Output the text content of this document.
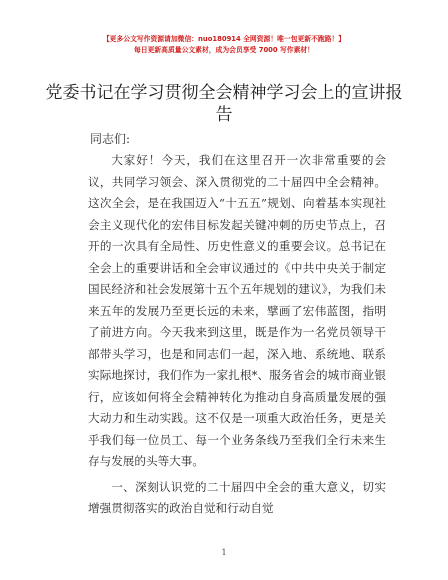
【更多公文写作资源请加微信：nuo180914 全网资源！唯一包更新不跑路！】
每日更新高质量公文素材，成为会员享受 7000 写作素材！
党委书记在学习贯彻全会精神学习会上的宣讲报告
同志们:

大家好！今天，我们在这里召开一次非常重要的会议，共同学习领会、深入贯彻党的二十届四中全会精神。这次全会，是在我国迈入“十五五”规划、向着基本实现社会主义现代化的宏伟目标发起关键冲刺的历史节点上，召开的一次具有全局性、历史性意义的重要会议。总书记在全会上的重要讲话和全会审议通过的《中共中央关于制定国民经济和社会发展第十五个五年规划的建议》，为我们未来五年的发展乃至更长远的未来，擘画了宏伟蓝图，指明了前进方向。今天我来到这里，既是作为一名党员领导干部带头学习，也是和同志们一起，深入地、系统地、联系实际地探讨，我们作为一家扎根*、服务省会的城市商业银行，应该如何将全会精神转化为推动自身高质量发展的强大动力和生动实践。这不仅是一项重大政治任务，更是关乎我们每一位员工、每一个业务条线乃至我们全行未来生存与发展的头等大事。

一、深刻认识党的二十届四中全会的重大意义，切实增强贯彻落实的政治自觉和行动自觉

1
